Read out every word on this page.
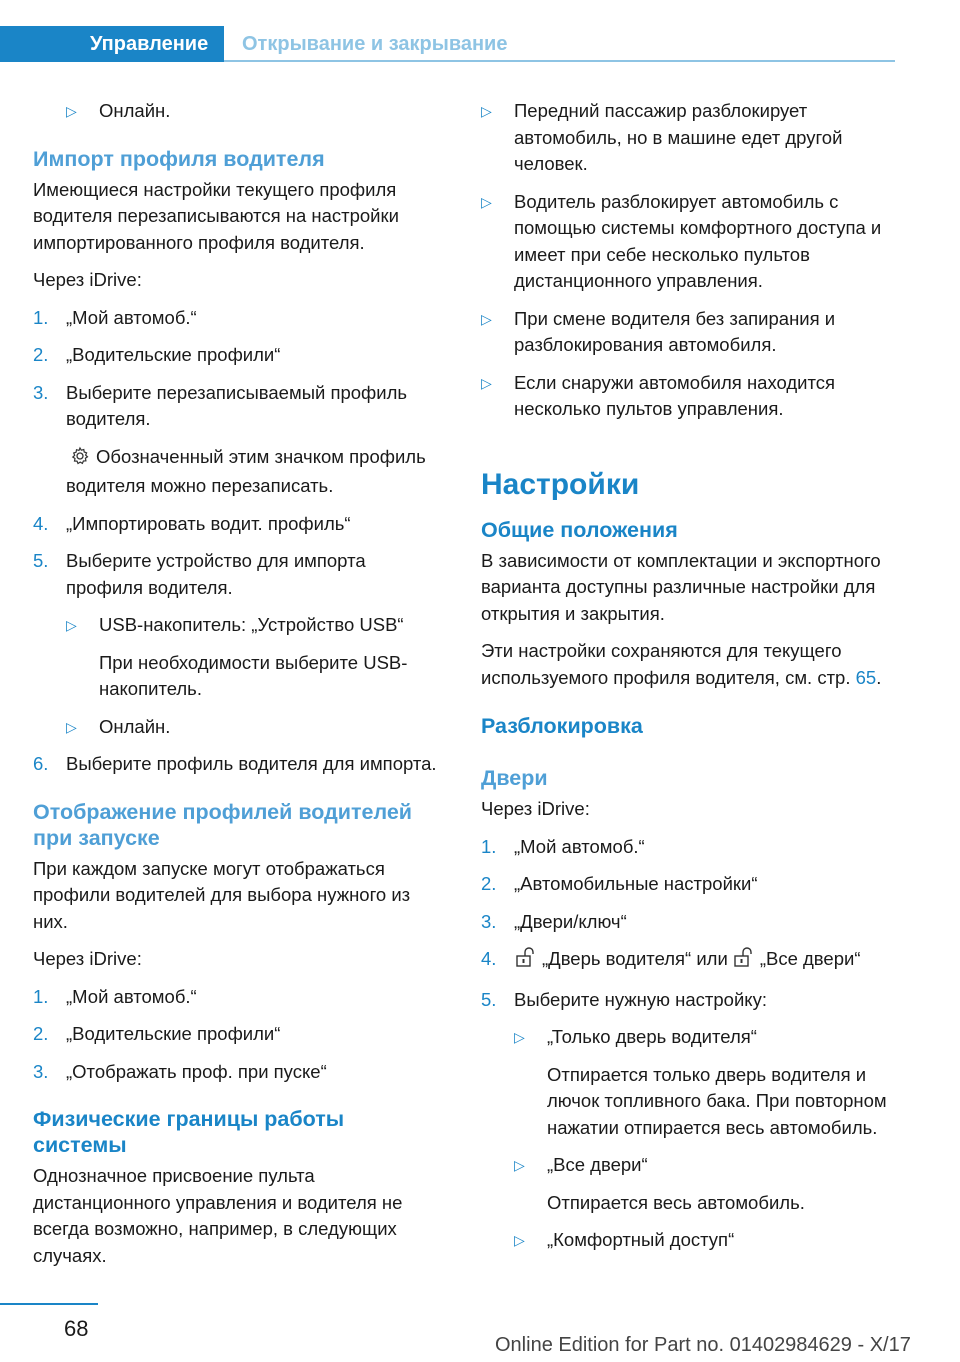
Управление	Открывание и закрывание
▷	Онлайн.
Импорт профиля водителя

Имеющиеся настройки текущего профиля водителя перезаписываются на настройки импортированного профиля водителя.

Через iDrive:

1. „Мой автомоб.“
2. „Водительские профили“
3. Выберите перезаписываемый профиль водителя.
Обозначенный этим значком профиль водителя можно перезаписать.
4. „Импортировать водит. профиль“
5. Выберите устройство для импорта профиля водителя.
▷	USB-накопитель: „Устройство USB“
При необходимости выберите USB-накопитель.
▷	Онлайн.
6. Выберите профиль водителя для импорта.
Отображение профилей водителей при запуске

При каждом запуске могут отображаться профили водителей для выбора нужного из них.

Через iDrive:

1. „Мой автомоб.“
2. „Водительские профили“
3. „Отображать проф. при пуске“
Физические границы работы системы

Однозначное присвоение пульта дистанционного управления и водителя не всегда возможно, например, в следующих случаях.

▷	Передний пассажир разблокирует автомобиль, но в машине едет другой человек.
▷	Водитель разблокирует автомобиль с помощью системы комфортного доступа и имеет при себе несколько пультов дистанционного управления.
▷	При смене водителя без запирания и разблокирования автомобиля.
▷	Если снаружи автомобиля находится несколько пультов управления.
Настройки
Общие положения

В зависимости от комплектации и экспортного варианта доступны различные настройки для открытия и закрытия.

Эти настройки сохраняются для текущего используемого профиля водителя, см. стр. 65.

Разблокировка
Двери

Через iDrive:

1. „Мой автомоб.“
2. „Автомобильные настройки“
3. „Двери/ключ“
4.	„Дверь водителя“ или „Все двери“
5. Выберите нужную настройку:
▷	„Только дверь водителя“
Отпирается только дверь водителя и лючок топливного бака. При повторном нажатии отпирается весь автомобиль.
▷	„Все двери“
Отпирается весь автомобиль.
▷	„Комфортный доступ“
68
Online Edition for Part no. 01402984629 - X/17
